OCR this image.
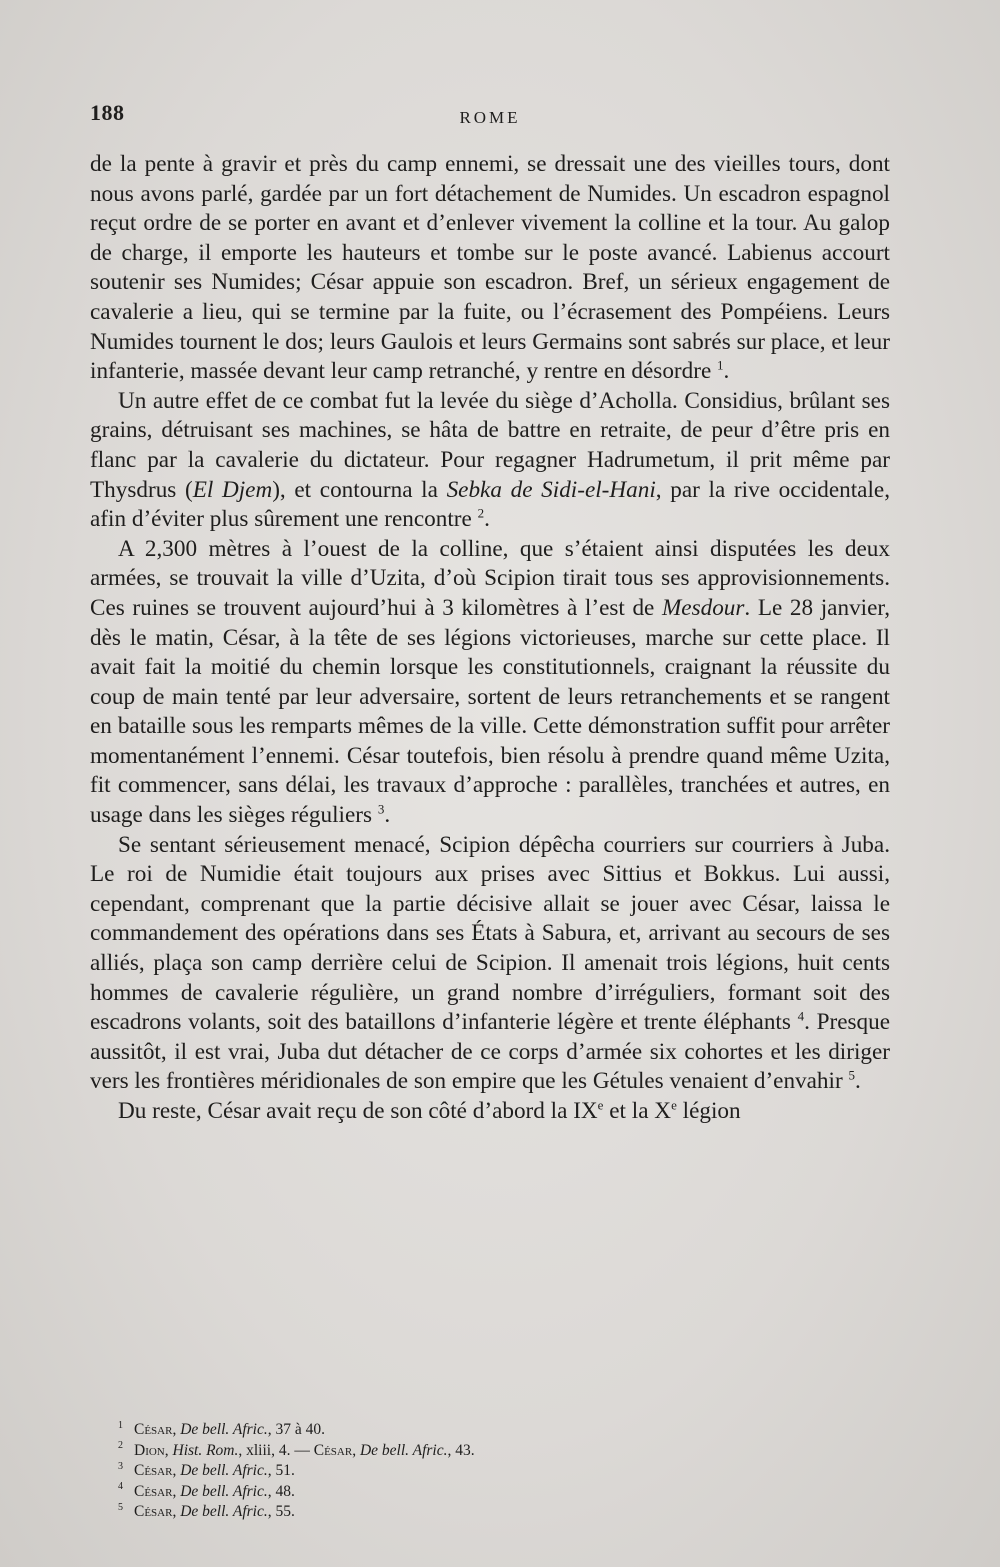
188	ROME

de la pente à gravir et près du camp ennemi, se dressait une des vieilles tours, dont nous avons parlé, gardée par un fort détachement de Numides. Un escadron espagnol reçut ordre de se porter en avant et d’enlever vivement la colline et la tour. Au galop de charge, il emporte les hauteurs et tombe sur le poste avancé. Labienus accourt soutenir ses Numides; César appuie son escadron. Bref, un sérieux engagement de cavalerie a lieu, qui se termine par la fuite, ou l’écrasement des Pompéiens. Leurs Numides tournent le dos; leurs Gaulois et leurs Germains sont sabrés sur place, et leur infanterie, massée devant leur camp retranché, y rentre en désordre $^1$.

Un autre effet de ce combat fut la levée du siège d’Acholla. Considius, brûlant ses grains, détruisant ses machines, se hâta de battre en retraite, de peur d’être pris en flanc par la cavalerie du dictateur. Pour regagner Hadrumetum, il prit même par Thysdrus (El Djem), et contourna la Sebka de Sidi-el-Hani, par la rive occidentale, afin d’éviter plus sûrement une rencontre $^2$.

A 2,300 mètres à l’ouest de la colline, que s’étaient ainsi disputées les deux armées, se trouvait la ville d’Uzita, d’où Scipion tirait tous ses approvisionnements. Ces ruines se trouvent aujourd’hui à 3 kilomètres à l’est de Mesdour. Le 28 janvier, dès le matin, César, à la tête de ses légions victorieuses, marche sur cette place. Il avait fait la moitié du chemin lorsque les constitutionnels, craignant la réussite du coup de main tenté par leur adversaire, sortent de leurs retranchements et se rangent en bataille sous les remparts mêmes de la ville. Cette démonstration suffit pour arrêter momentanément l’ennemi. César toutefois, bien résolu à prendre quand même Uzita, fit commencer, sans délai, les travaux d’approche : parallèles, tranchées et autres, en usage dans les sièges réguliers $^3$.

Se sentant sérieusement menacé, Scipion dépêcha courriers sur courriers à Juba. Le roi de Numidie était toujours aux prises avec Sittius et Bokkus. Lui aussi, cependant, comprenant que la partie décisive allait se jouer avec César, laissa le commandement des opérations dans ses États à Sabura, et, arrivant au secours de ses alliés, plaça son camp derrière celui de Scipion. Il amenait trois légions, huit cents hommes de cavalerie régulière, un grand nombre d’irréguliers, formant soit des escadrons volants, soit des bataillons d’infanterie légère et trente éléphants $^4$. Presque aussitôt, il est vrai, Juba dut détacher de ce corps d’armée six cohortes et les diriger vers les frontières méridionales de son empire que les Gétules venaient d’envahir $^5$.

Du reste, César avait reçu de son côté d’abord la IXe et la Xe légion

1 César, De bell. Afric., 37 à 40.
2 Dion, Hist. Rom., xliii, 4. — César, De bell. Afric., 43.
3 César, De bell. Afric., 51.
4 César, De bell. Afric., 48.
5 César, De bell. Afric., 55.
